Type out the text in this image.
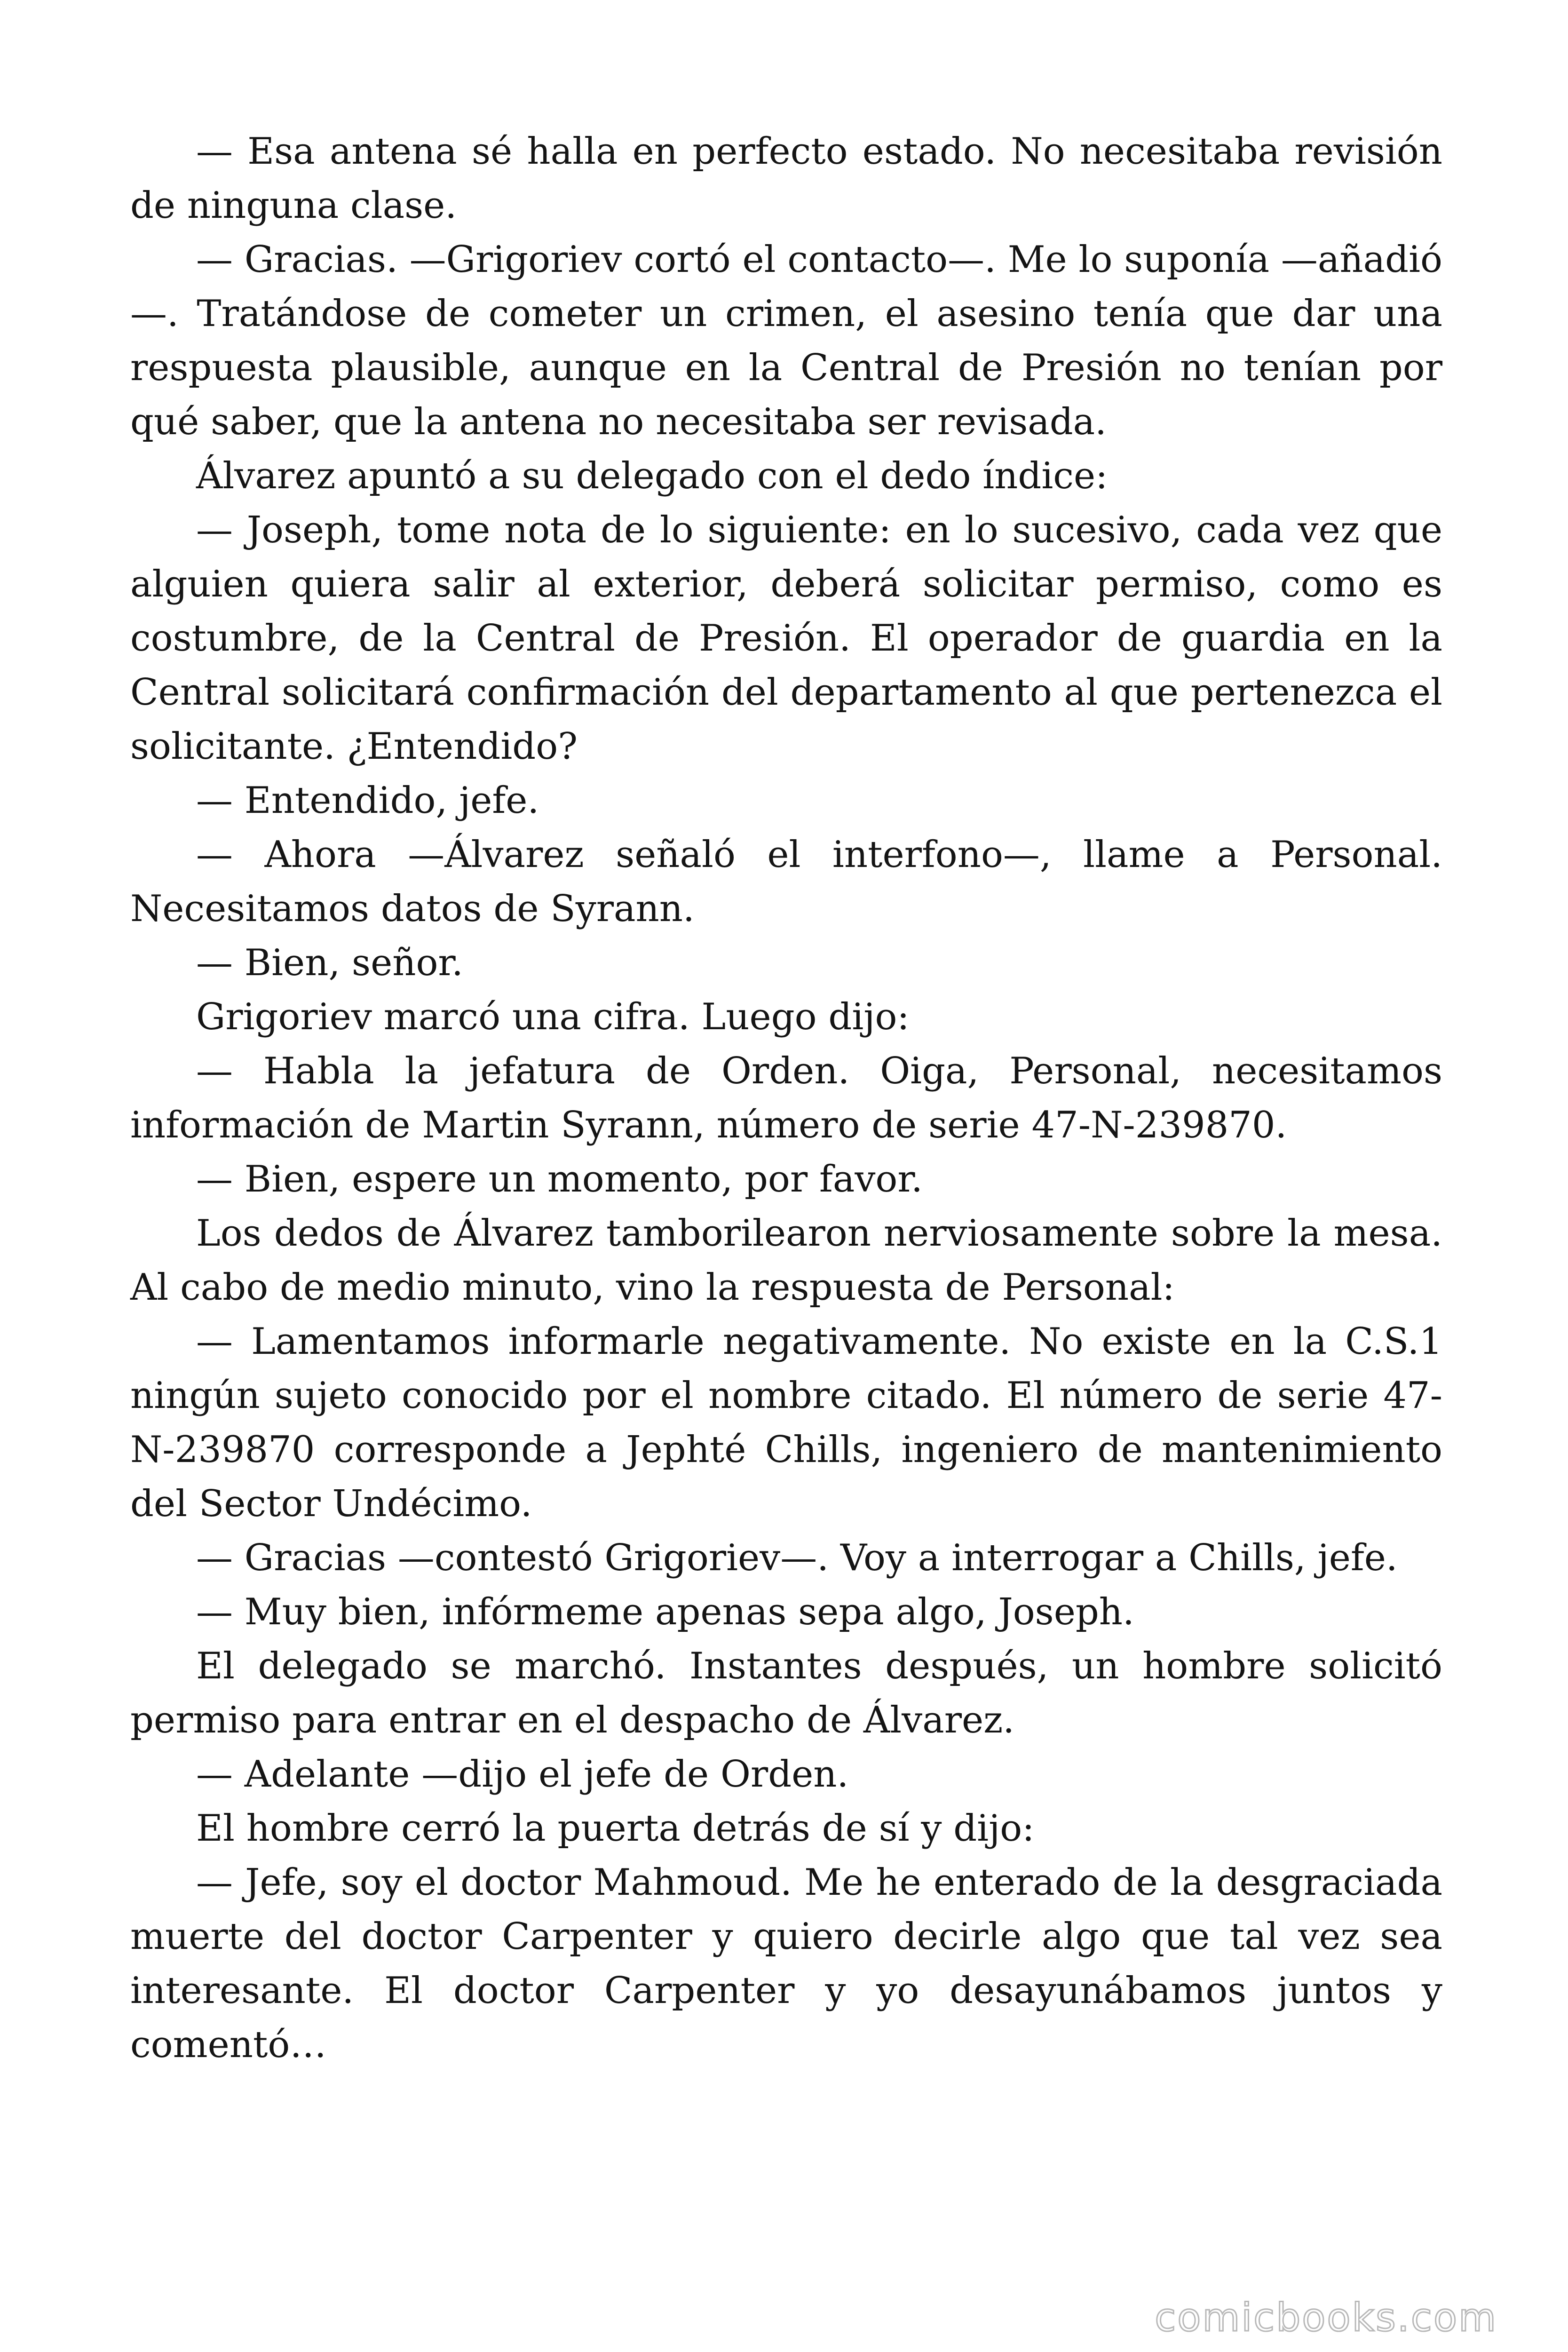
— Esa antena sé halla en perfecto estado. No necesitaba revisión de ninguna clase.

— Gracias. —Grigoriev cortó el contacto—. Me lo suponía —añadió—. Tratándose de cometer un crimen, el asesino tenía que dar una respuesta plausible, aunque en la Central de Presión no tenían por qué saber, que la antena no necesitaba ser revisada.

Álvarez apuntó a su delegado con el dedo índice:

— Joseph, tome nota de lo siguiente: en lo sucesivo, cada vez que alguien quiera salir al exterior, deberá solicitar permiso, como es costumbre, de la Central de Presión. El operador de guardia en la Central solicitará confirmación del departamento al que pertenezca el solicitante. ¿Entendido?

— Entendido, jefe.

— Ahora —Álvarez señaló el interfono—, llame a Personal. Necesitamos datos de Syrann.

— Bien, señor.

Grigoriev marcó una cifra. Luego dijo:

— Habla la jefatura de Orden. Oiga, Personal, necesitamos información de Martin Syrann, número de serie 47-N-239870.

— Bien, espere un momento, por favor.

Los dedos de Álvarez tamborilearon nerviosamente sobre la mesa. Al cabo de medio minuto, vino la respuesta de Personal:

— Lamentamos informarle negativamente. No existe en la C.S.1 ningún sujeto conocido por el nombre citado. El número de serie 47-N-239870 corresponde a Jephté Chills, ingeniero de mantenimiento del Sector Undécimo.

— Gracias —contestó Grigoriev—. Voy a interrogar a Chills, jefe.

— Muy bien, infórmeme apenas sepa algo, Joseph.

El delegado se marchó. Instantes después, un hombre solicitó permiso para entrar en el despacho de Álvarez.

— Adelante —dijo el jefe de Orden.

El hombre cerró la puerta detrás de sí y dijo:

— Jefe, soy el doctor Mahmoud. Me he enterado de la desgraciada muerte del doctor Carpenter y quiero decirle algo que tal vez sea interesante. El doctor Carpenter y yo desayunábamos juntos y comentó…

comicbooks.com
